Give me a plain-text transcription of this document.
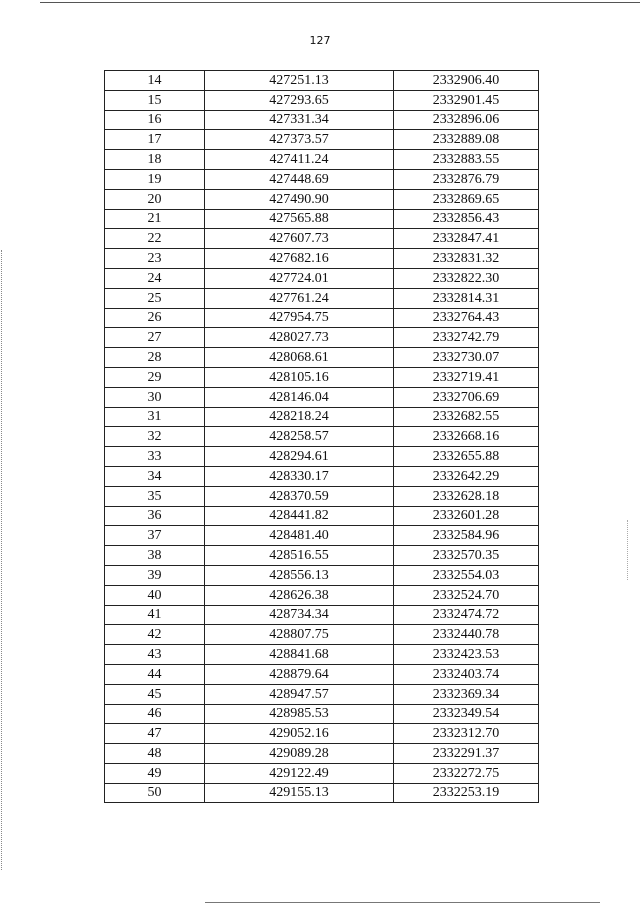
127
14	427251.13	2332906.40
15	427293.65	2332901.45
16	427331.34	2332896.06
17	427373.57	2332889.08
18	427411.24	2332883.55
19	427448.69	2332876.79
20	427490.90	2332869.65
21	427565.88	2332856.43
22	427607.73	2332847.41
23	427682.16	2332831.32
24	427724.01	2332822.30
25	427761.24	2332814.31
26	427954.75	2332764.43
27	428027.73	2332742.79
28	428068.61	2332730.07
29	428105.16	2332719.41
30	428146.04	2332706.69
31	428218.24	2332682.55
32	428258.57	2332668.16
33	428294.61	2332655.88
34	428330.17	2332642.29
35	428370.59	2332628.18
36	428441.82	2332601.28
37	428481.40	2332584.96
38	428516.55	2332570.35
39	428556.13	2332554.03
40	428626.38	2332524.70
41	428734.34	2332474.72
42	428807.75	2332440.78
43	428841.68	2332423.53
44	428879.64	2332403.74
45	428947.57	2332369.34
46	428985.53	2332349.54
47	429052.16	2332312.70
48	429089.28	2332291.37
49	429122.49	2332272.75
50	429155.13	2332253.19
